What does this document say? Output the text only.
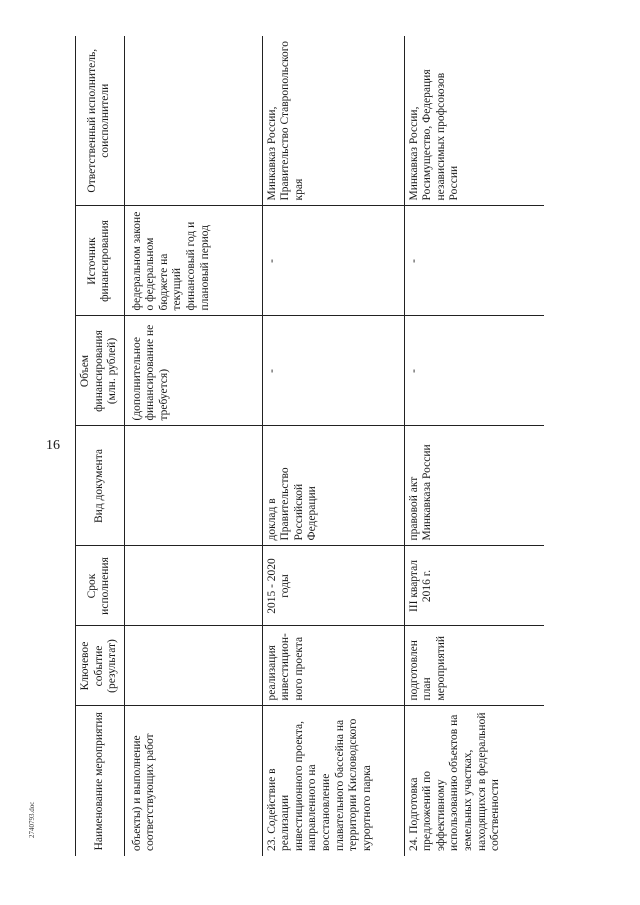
16
2740793.doc	Наименование мероприятия	Ключевое событие (результат)	Срок исполнения	Вид документа	Объем финансирования (млн. рублей)	Источник финансирования	Ответственный исполнитель, соисполнители
объекты) и выполнение соответствующих работ				(дополнительное финансирование не требуется)	федеральном законе о федеральном бюджете на текущий финансовый год и плановый период	
23. Содействие в реализации инвестиционного проекта, направленного на восстановление плавательного бассейна на территории Кисловодского курортного парка	реализация инвестицион-ного проекта	2015 - 2020 годы	доклад в Правительство Российской Федерации	-	-	Минкавказ России, Правительство Ставропольского края
24. Подготовка предложений по эффективному использованию объектов на земельных участках, находящихся в федеральной собственности	подготовлен план мероприятий	III квартал 2016 г.	правовой акт Минкавказа России	-	-	Минкавказ России, Росимущество, Федерация независимых профсоюзов России
